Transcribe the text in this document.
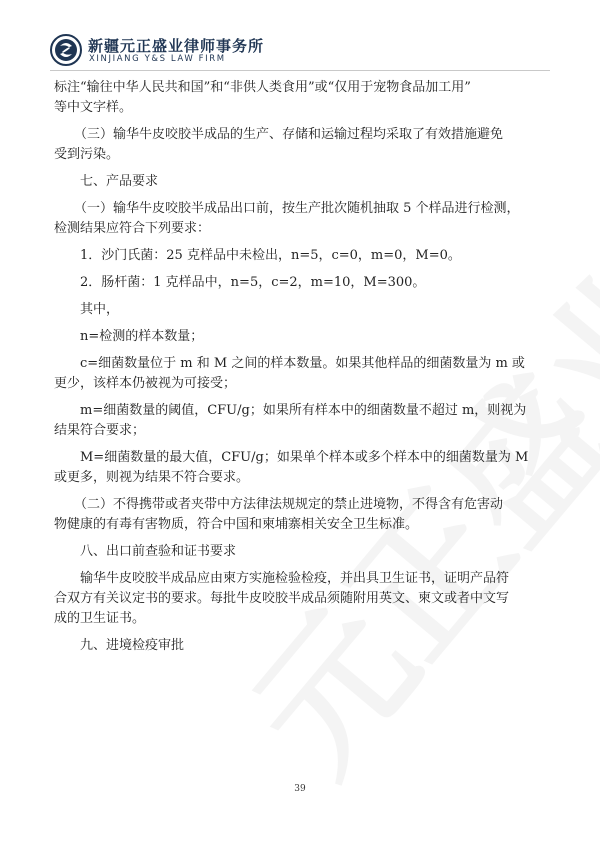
新疆元正盛业律师事务所
XINJIANG Y&S LAW FIRM
标注“输往中华人民共和国”和“非供人类食用”或“仅用于宠物食品加工用”
等中文字样。
（三）输华牛皮咬胶半成品的生产、存储和运输过程均采取了有效措施避免
受到污染。
七、产品要求
（一）输华牛皮咬胶半成品出口前，按生产批次随机抽取 5 个样品进行检测，
检测结果应符合下列要求：
1．沙门氏菌：25 克样品中未检出，n=5，c=0，m=0，M=0。
2．肠杆菌：1 克样品中，n=5，c=2，m=10，M=300。
其中，
n=检测的样本数量；
c=细菌数量位于 m 和 M 之间的样本数量。如果其他样品的细菌数量为 m 或
更少，该样本仍被视为可接受；
m=细菌数量的阈值，CFU/g；如果所有样本中的细菌数量不超过 m，则视为
结果符合要求；
M=细菌数量的最大值，CFU/g；如果单个样本或多个样本中的细菌数量为 M
或更多，则视为结果不符合要求。
（二）不得携带或者夹带中方法律法规规定的禁止进境物，不得含有危害动
物健康的有毒有害物质，符合中国和柬埔寨相关安全卫生标准。
八、出口前查验和证书要求
输华牛皮咬胶半成品应由柬方实施检验检疫，并出具卫生证书，证明产品符
合双方有关议定书的要求。每批牛皮咬胶半成品须随附用英文、柬文或者中文写
成的卫生证书。
九、进境检疫审批
39
